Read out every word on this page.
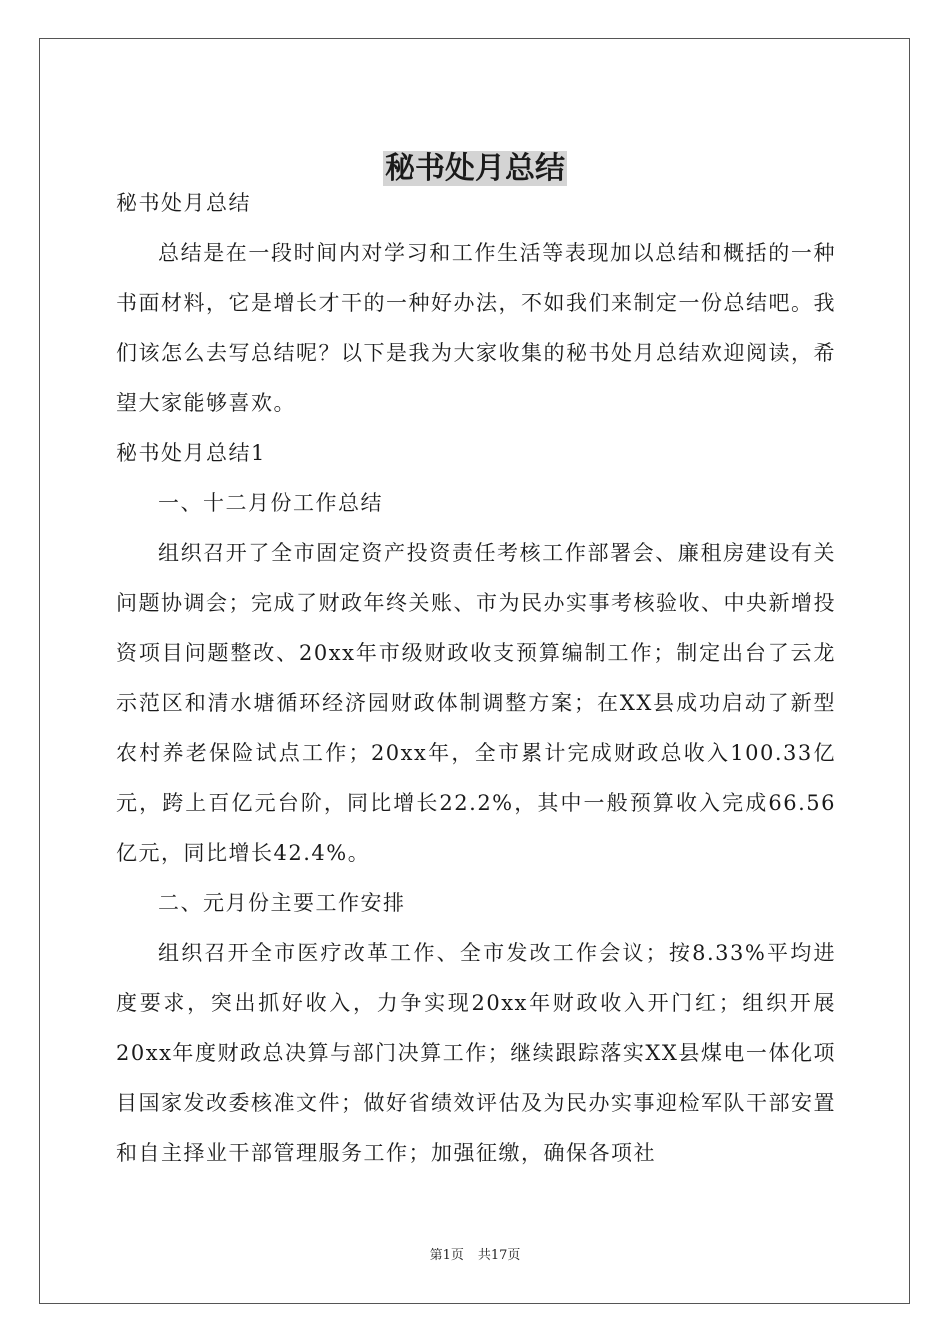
秘书处月总结

秘书处月总结

总结是在一段时间内对学习和工作生活等表现加以总结和概括的一种书面材料，它是增长才干的一种好办法，不如我们来制定一份总结吧。我们该怎么去写总结呢？以下是我为大家收集的秘书处月总结欢迎阅读，希望大家能够喜欢。

秘书处月总结1

一、十二月份工作总结

组织召开了全市固定资产投资责任考核工作部署会、廉租房建设有关问题协调会；完成了财政年终关账、市为民办实事考核验收、中央新增投资项目问题整改、20xx年市级财政收支预算编制工作；制定出台了云龙示范区和清水塘循环经济园财政体制调整方案；在XX县成功启动了新型农村养老保险试点工作；20xx年，全市累计完成财政总收入100.33亿元，跨上百亿元台阶，同比增长22.2%，其中一般预算收入完成66.56亿元，同比增长42.4%。

二、元月份主要工作安排

组织召开全市医疗改革工作、全市发改工作会议；按8.33%平均进度要求，突出抓好收入，力争实现20xx年财政收入开门红；组织开展20xx年度财政总决算与部门决算工作；继续跟踪落实XX县煤电一体化项目国家发改委核准文件；做好省绩效评估及为民办实事迎检军队干部安置和自主择业干部管理服务工作；加强征缴，确保各项社

第1页 共17页
